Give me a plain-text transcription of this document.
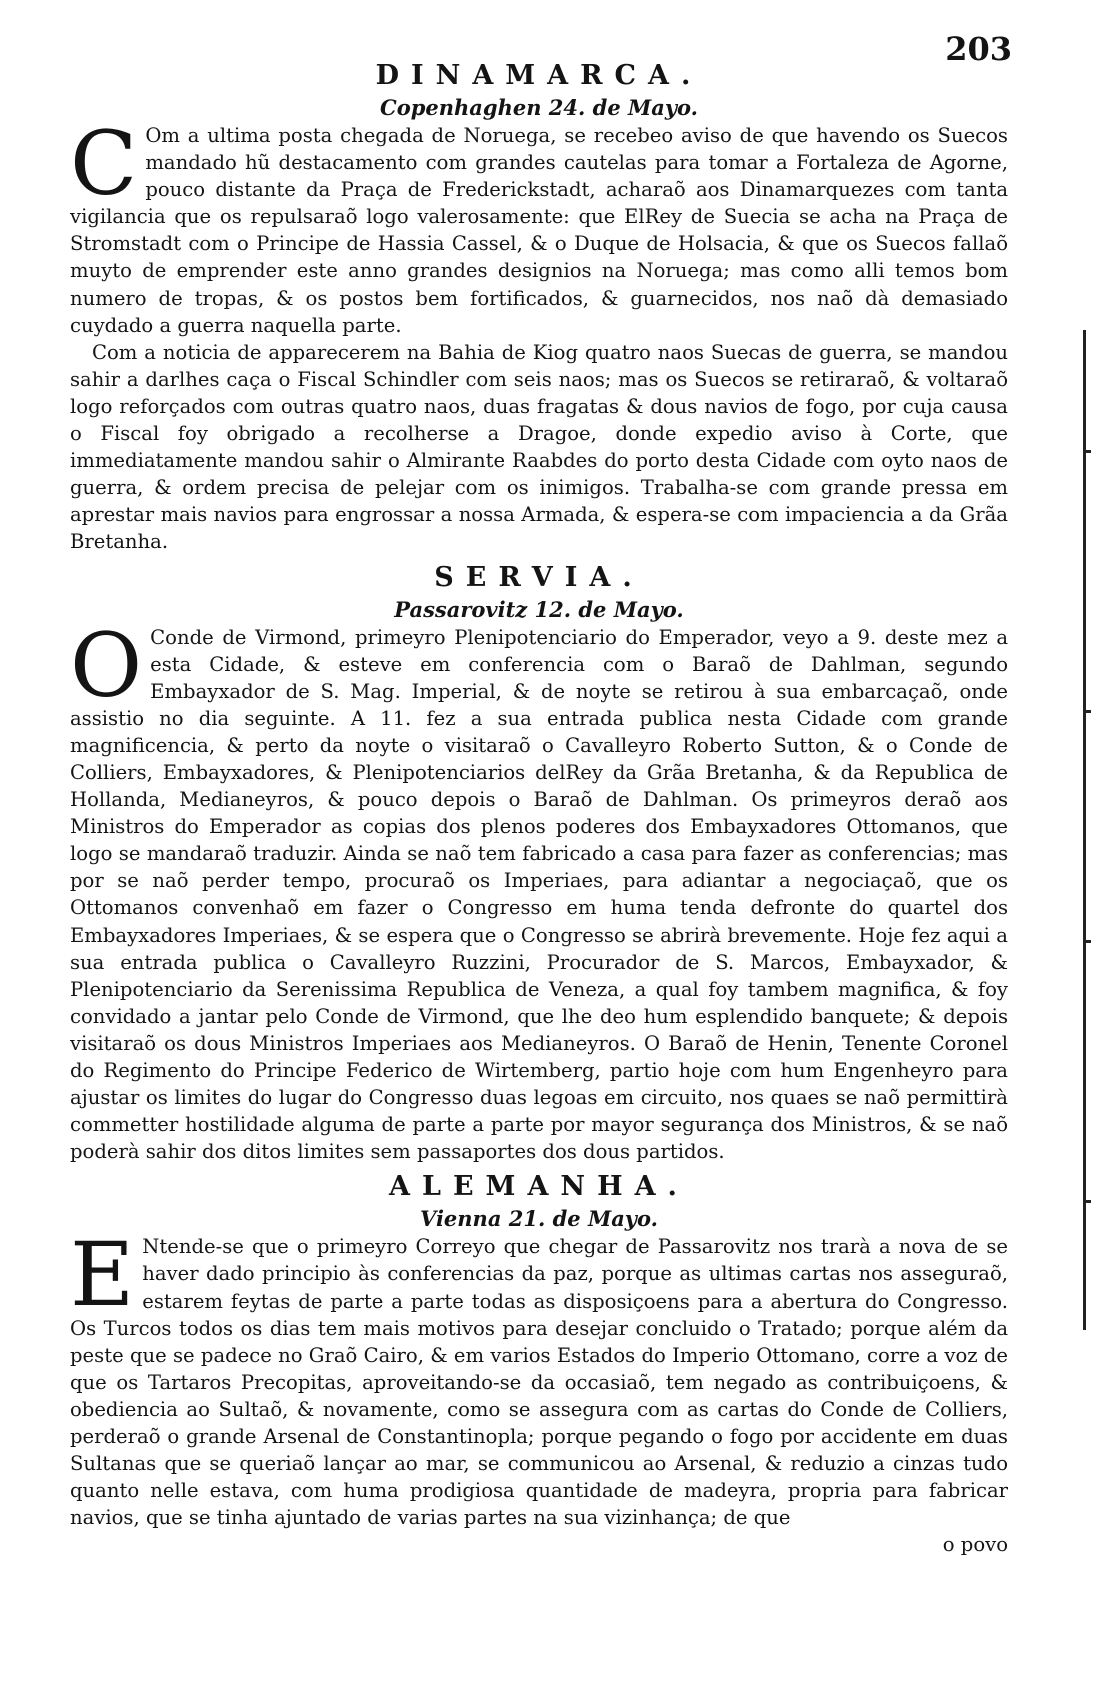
203
DINAMARCA.

Copenhaghen 24. de Mayo.

C Om a ultima posta chegada de Noruega, se recebeo aviso de que havendo os Suecos mandado hũ destacamento com grandes cautelas para tomar a Fortaleza de Agorne, pouco distante da Praça de Frederickstadt, acharaõ aos Dinamarquezes com tanta vigilancia que os repulsaraõ logo valerosamente: que ElRey de Suecia se acha na Praça de Stromstadt com o Principe de Hassia Cassel, & o Duque de Holsacia, & que os Suecos fallaõ muyto de emprender este anno grandes designios na Noruega; mas como alli temos bom numero de tropas, & os postos bem fortificados, & guarnecidos, nos naõ dà demasiado cuydado a guerra naquella parte.

Com a noticia de apparecerem na Bahia de Kiog quatro naos Suecas de guerra, se mandou sahir a darlhes caça o Fiscal Schindler com seis naos; mas os Suecos se retiraraõ, & voltaraõ logo reforçados com outras quatro naos, duas fragatas & dous navios de fogo, por cuja causa o Fiscal foy obrigado a recolherse a Dragoe, donde expedio aviso à Corte, que immediatamente mandou sahir o Almirante Raabdes do porto desta Cidade com oyto naos de guerra, & ordem precisa de pelejar com os inimigos. Trabalha-se com grande pressa em aprestar mais navios para engrossar a nossa Armada, & espera-se com impaciencia a da Grãa Bretanha.

SERVIA.

Passarovitz 12. de Mayo.

O Conde de Virmond, primeyro Plenipotenciario do Emperador, veyo a 9. deste mez a esta Cidade, & esteve em conferencia com o Baraõ de Dahlman, segundo Embayxador de S. Mag. Imperial, & de noyte se retirou à sua embarcaçaõ, onde assistio no dia seguinte. A 11. fez a sua entrada publica nesta Cidade com grande magnificencia, & perto da noyte o visitaraõ o Cavalleyro Roberto Sutton, & o Conde de Colliers, Embayxadores, & Plenipotenciarios delRey da Grãa Bretanha, & da Republica de Hollanda, Medianeyros, & pouco depois o Baraõ de Dahlman. Os primeyros deraõ aos Ministros do Emperador as copias dos plenos poderes dos Embayxadores Ottomanos, que logo se mandaraõ traduzir. Ainda se naõ tem fabricado a casa para fazer as conferencias; mas por se naõ perder tempo, procuraõ os Imperiaes, para adiantar a negociaçaõ, que os Ottomanos convenhaõ em fazer o Congresso em huma tenda defronte do quartel dos Embayxadores Imperiaes, & se espera que o Congresso se abrirà brevemente. Hoje fez aqui a sua entrada publica o Cavalleyro Ruzzini, Procurador de S. Marcos, Embayxador, & Plenipotenciario da Serenissima Republica de Veneza, a qual foy tambem magnifica, & foy convidado a jantar pelo Conde de Virmond, que lhe deo hum esplendido banquete; & depois visitaraõ os dous Ministros Imperiaes aos Medianeyros. O Baraõ de Henin, Tenente Coronel do Regimento do Principe Federico de Wirtemberg, partio hoje com hum Engenheyro para ajustar os limites do lugar do Congresso duas legoas em circuito, nos quaes se naõ permittirà commetter hostilidade alguma de parte a parte por mayor segurança dos Ministros, & se naõ poderà sahir dos ditos limites sem passaportes dos dous partidos.

ALEMANHA.

Vienna 21. de Mayo.

E Ntende-se que o primeyro Correyo que chegar de Passarovitz nos trarà a nova de se haver dado principio às conferencias da paz, porque as ultimas cartas nos asseguraõ, estarem feytas de parte a parte todas as disposiçoens para a abertura do Congresso. Os Turcos todos os dias tem mais motivos para desejar concluido o Tratado; porque além da peste que se padece no Graõ Cairo, & em varios Estados do Imperio Ottomano, corre a voz de que os Tartaros Precopitas, aproveitando-se da occasiaõ, tem negado as contribuiçoens, & obediencia ao Sultaõ, & novamente, como se assegura com as cartas do Conde de Colliers, perderaõ o grande Arsenal de Constantinopla; porque pegando o fogo por accidente em duas Sultanas que se queriaõ lançar ao mar, se communicou ao Arsenal, & reduzio a cinzas tudo quanto nelle estava, com huma prodigiosa quantidade de madeyra, propria para fabricar navios, que se tinha ajuntado de varias partes na sua vizinhança; de que

o povo
